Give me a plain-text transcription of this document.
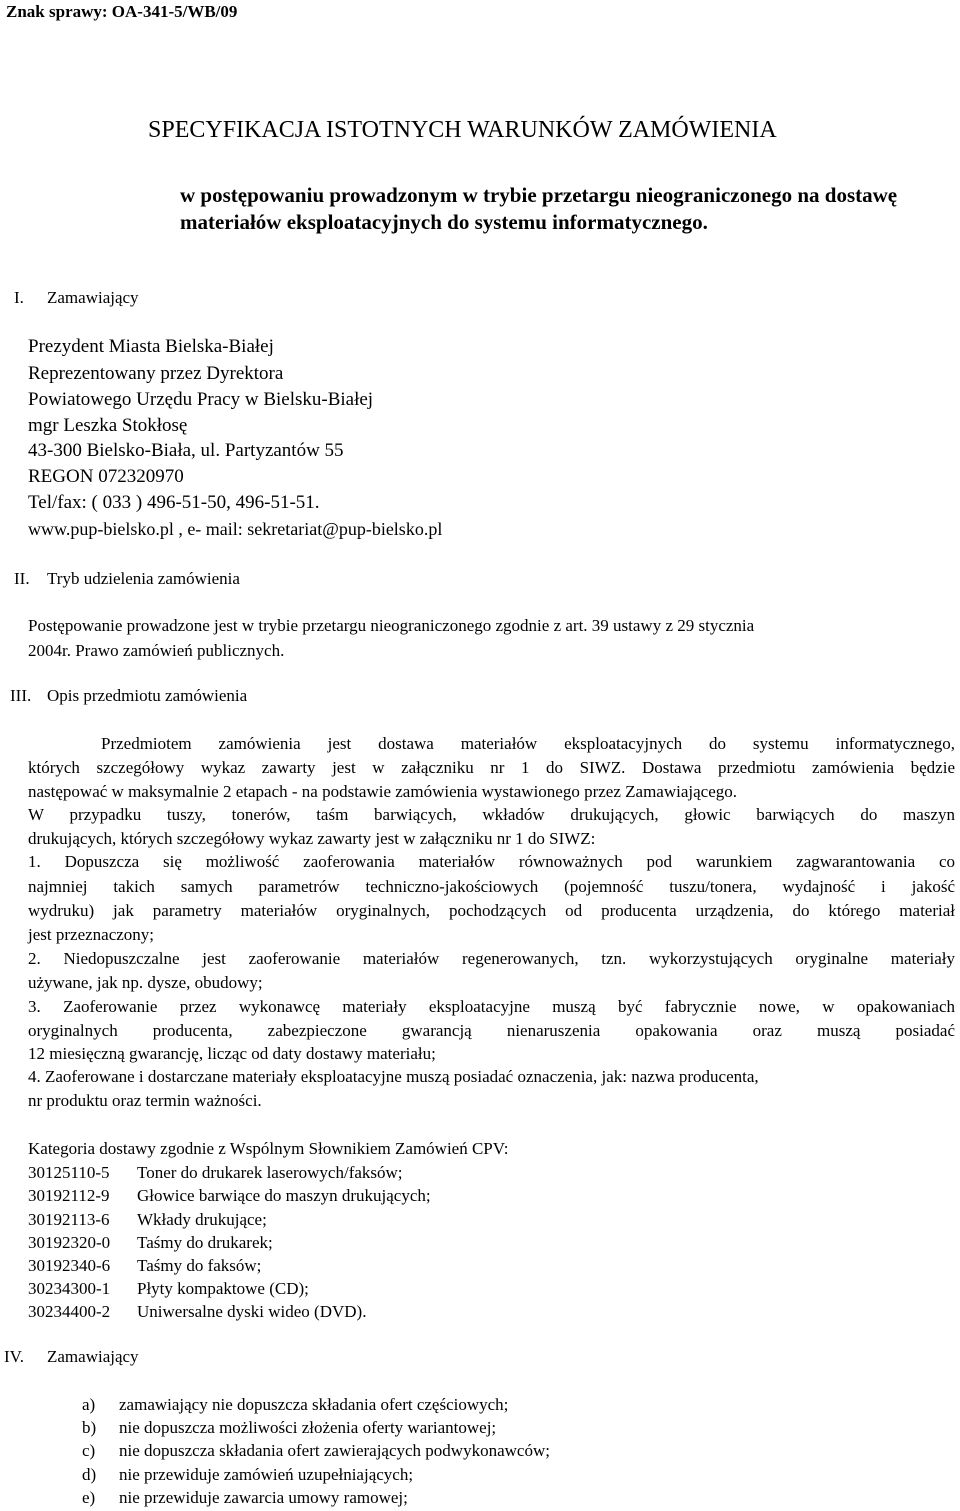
Znak sprawy: OA-341-5/WB/09
SPECYFIKACJA ISTOTNYCH WARUNKÓW ZAMÓWIENIA
w postępowaniu prowadzonym w trybie przetargu nieograniczonego na dostawę
materiałów eksploatacyjnych do systemu informatycznego.
I. Zamawiający
Prezydent Miasta Bielska-Białej
Reprezentowany przez Dyrektora
Powiatowego Urzędu Pracy w Bielsku-Białej
mgr Leszka Stokłosę
43-300 Bielsko-Biała, ul. Partyzantów 55
REGON 072320970
Tel/fax: ( 033 ) 496-51-50, 496-51-51.
www.pup-bielsko.pl , e- mail: sekretariat@pup-bielsko.pl
II. Tryb udzielenia zamówienia
Postępowanie prowadzone jest w trybie przetargu nieograniczonego zgodnie z art. 39 ustawy z 29 stycznia
2004r. Prawo zamówień publicznych.
III. Opis przedmiotu zamówienia
Przedmiotem zamówienia jest dostawa materiałów eksploatacyjnych do systemu informatycznego,
których szczegółowy wykaz zawarty jest w załączniku nr 1 do SIWZ. Dostawa przedmiotu zamówienia będzie
następować w maksymalnie 2 etapach - na podstawie zamówienia wystawionego przez Zamawiającego.
W przypadku tuszy, tonerów, taśm barwiących, wkładów drukujących, głowic barwiących do maszyn
drukujących, których szczegółowy wykaz zawarty jest w załączniku nr 1 do SIWZ:
1. Dopuszcza się możliwość zaoferowania materiałów równoważnych pod warunkiem zagwarantowania co
najmniej takich samych parametrów techniczno-jakościowych (pojemność tuszu/tonera, wydajność i jakość
wydruku) jak parametry materiałów oryginalnych, pochodzących od producenta urządzenia, do którego materiał
jest przeznaczony;
2. Niedopuszczalne jest zaoferowanie materiałów regenerowanych, tzn. wykorzystujących oryginalne materiały
używane, jak np. dysze, obudowy;
3. Zaoferowanie przez wykonawcę materiały eksploatacyjne muszą być fabrycznie nowe, w opakowaniach
oryginalnych producenta, zabezpieczone gwarancją nienaruszenia opakowania oraz muszą posiadać
12 miesięczną gwarancję, licząc od daty dostawy materiału;
4. Zaoferowane i dostarczane materiały eksploatacyjne muszą posiadać oznaczenia, jak: nazwa producenta,
nr produktu oraz termin ważności.
Kategoria dostawy zgodnie z Wspólnym Słownikiem Zamówień CPV:
30125110-5 Toner do drukarek laserowych/faksów;
30192112-9 Głowice barwiące do maszyn drukujących;
30192113-6 Wkłady drukujące;
30192320-0 Taśmy do drukarek;
30192340-6 Taśmy do faksów;
30234300-1 Płyty kompaktowe (CD);
30234400-2 Uniwersalne dyski wideo (DVD).
IV. Zamawiający
a) zamawiający nie dopuszcza składania ofert częściowych;
b) nie dopuszcza możliwości złożenia oferty wariantowej;
c) nie dopuszcza składania ofert zawierających podwykonawców;
d) nie przewiduje zamówień uzupełniających;
e) nie przewiduje zawarcia umowy ramowej;
